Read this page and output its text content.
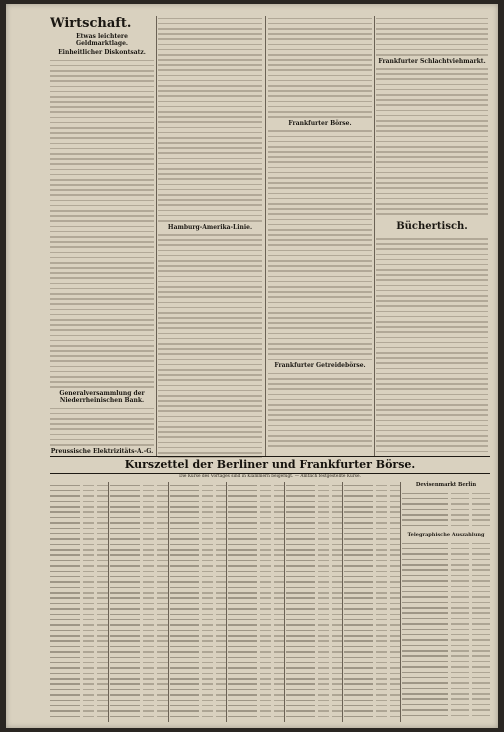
Wirtschaft.
Etwas leichtere Geldmarktlage.
Einheitlicher Diskontsatz.
Generalversammlung der Niederrheinischen Bank.
Preussische Elektrizitäts-A.-G.
Hamburg-Amerika-Linie.
Frankfurter Börse.
Frankfurter Getreidebörse.
Frankfurter Schlachtviehmarkt.
Büchertisch.
Kurszettel der Berliner und Frankfurter Börse.
Die Kurse des Vortages sind in Klammern beigefügt. — Amtlich festgestellte Kurse.
Devisenmarkt Berlin
Telegraphische Auszahlung
